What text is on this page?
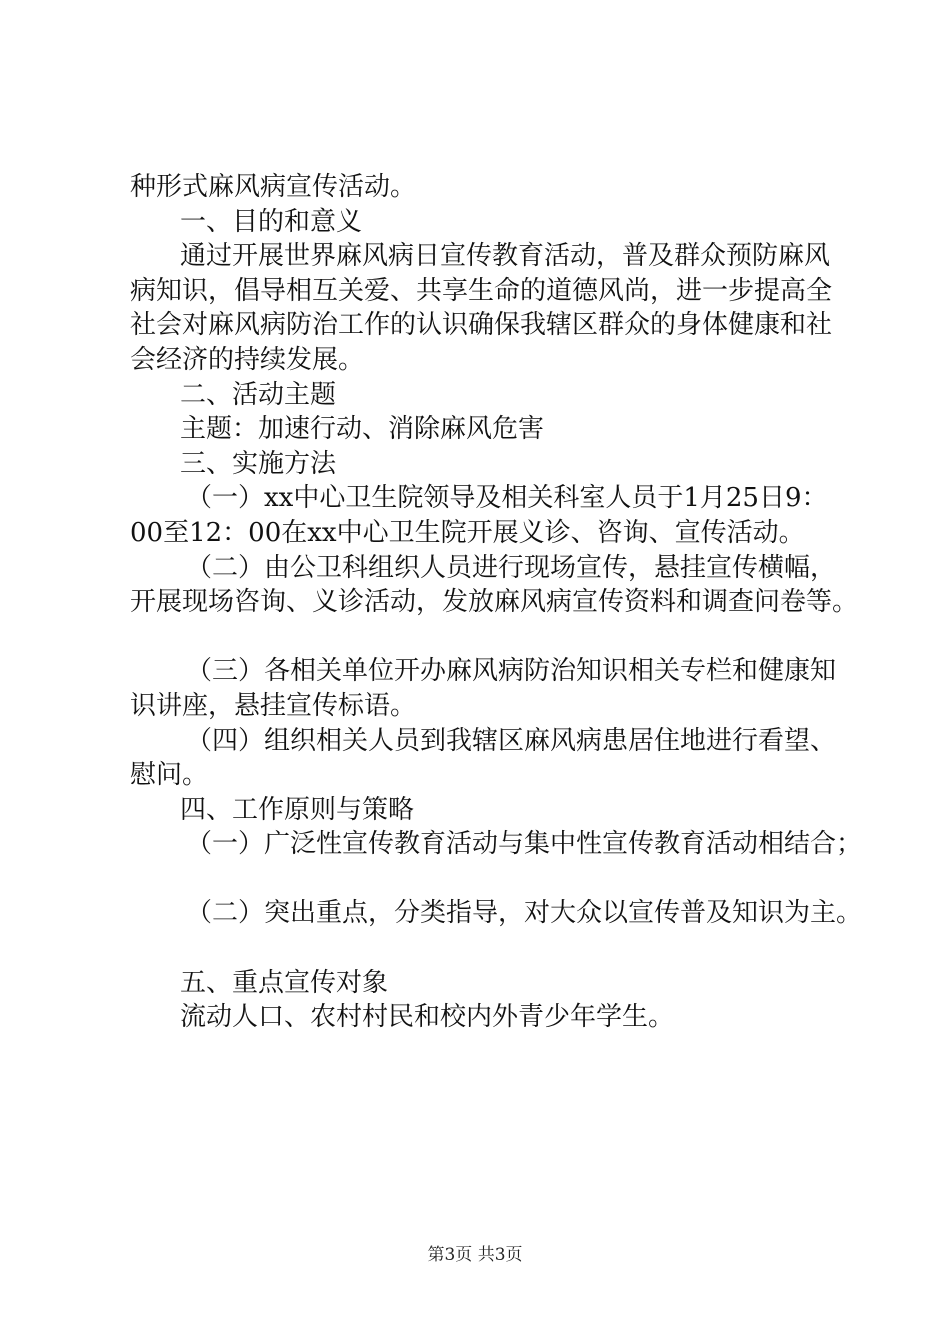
种形式麻风病宣传活动。
一、目的和意义
通过开展世界麻风病日宣传教育活动，普及群众预防麻风
病知识，倡导相互关爱、共享生命的道德风尚，进一步提高全
社会对麻风病防治工作的认识确保我辖区群众的身体健康和社
会经济的持续发展。
二、活动主题
主题：加速行动、消除麻风危害
三、实施方法
（一）xx中心卫生院领导及相关科室人员于1月25日9：
00至12：00在xx中心卫生院开展义诊、咨询、宣传活动。
（二）由公卫科组织人员进行现场宣传，悬挂宣传横幅，
开展现场咨询、义诊活动，发放麻风病宣传资料和调查问卷等。
（三）各相关单位开办麻风病防治知识相关专栏和健康知
识讲座，悬挂宣传标语。
（四）组织相关人员到我辖区麻风病患居住地进行看望、
慰问。
四、工作原则与策略
（一）广泛性宣传教育活动与集中性宣传教育活动相结合；
（二）突出重点，分类指导，对大众以宣传普及知识为主。
五、重点宣传对象
流动人口、农村村民和校内外青少年学生。
第3页 共3页
